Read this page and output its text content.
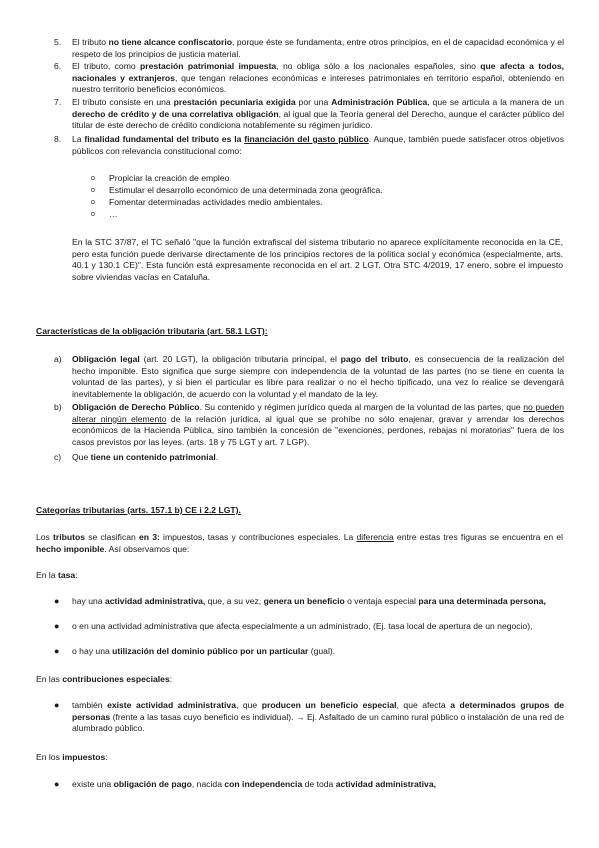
5. El tributo no tiene alcance confiscatorio, porque éste se fundamenta, entre otros principios, en el de capacidad económica y el respeto de los principios de justicia material.
6. El tributo, como prestación patrimonial impuesta, no obliga sólo a los nacionales españoles, sino que afecta a todos, nacionales y extranjeros, que tengan relaciones económicas e intereses patrimoniales en territorio español, obteniendo en nuestro territorio beneficios económicos.
7. El tributo consiste en una prestación pecuniaria exigida por una Administración Pública, que se articula a la manera de un derecho de crédito y de una correlativa obligación, al igual que la Teoría general del Derecho, aunque el carácter público del titular de este derecho de crédito condiciona notablemente su régimen jurídico.
8. La finalidad fundamental del tributo es la financiación del gasto público. Aunque, también puede satisfacer otros objetivos públicos con relevancia constitucional como:
o Propiciar la creación de empleo
o Estimular el desarrollo económico de una determinada zona geográfica.
o Fomentar determinadas actividades medio ambientales.
o …
En la STC 37/87, el TC señaló "que la función extrafiscal del sistema tributario no aparece explícitamente reconocida en la CE, pero esta función puede derivarse directamente de los principios rectores de la política social y económica (especialmente, arts. 40.1 y 130.1 CE)". Esta función está expresamente reconocida en el art. 2 LGT. Otra STC 4/2019, 17 enero, sobre el impuesto sobre viviendas vacías en Cataluña.
Características de la obligación tributaria (art. 58.1 LGT):
a) Obligación legal (art. 20 LGT), la obligación tributaria principal, el pago del tributo, es consecuencia de la realización del hecho imponible. Esto significa que surge siempre con independencia de la voluntad de las partes (no se tiene en cuenta la voluntad de las partes), y si bien el particular es libre para realizar o no el hecho tipificado, una vez lo realice se devengará inevitablemente la obligación, de acuerdo con la voluntad y el mandato de la ley.
b) Obligación de Derecho Público. Su contenido y régimen jurídico queda al margen de la voluntad de las partes, que no pueden alterar ningún elemento de la relación jurídica, al igual que se prohíbe no sólo enajenar, gravar y arrendar los derechos económicos de la Hacienda Pública, sino también la concesión de "exenciones, perdones, rebajas ni moratorias" fuera de los casos previstos por las leyes. (arts. 18 y 75 LGT y art. 7 LGP).
c) Que tiene un contenido patrimonial.
Categorías tributarias (arts. 157.1 b) CE i 2.2 LGT).
Los tributos se clasifican en 3: impuestos, tasas y contribuciones especiales. La diferencia entre estas tres figuras se encuentra en el hecho imponible. Así observamos que:
En la tasa:
● hay una actividad administrativa, que, a su vez, genera un beneficio o ventaja especial para una determinada persona,
● o en una actividad administrativa que afecta especialmente a un administrado, (Ej. tasa local de apertura de un negocio),
● o hay una utilización del dominio público por un particular (gual).
En las contribuciones especiales:
● también existe actividad administrativa, que producen un beneficio especial, que afecta a determinados grupos de personas (frente a las tasas cuyo beneficio es individual). → Ej. Asfaltado de un camino rural público o instalación de una red de alumbrado público.
En los impuestos:
● existe una obligación de pago, nacida con independencia de toda actividad administrativa,
